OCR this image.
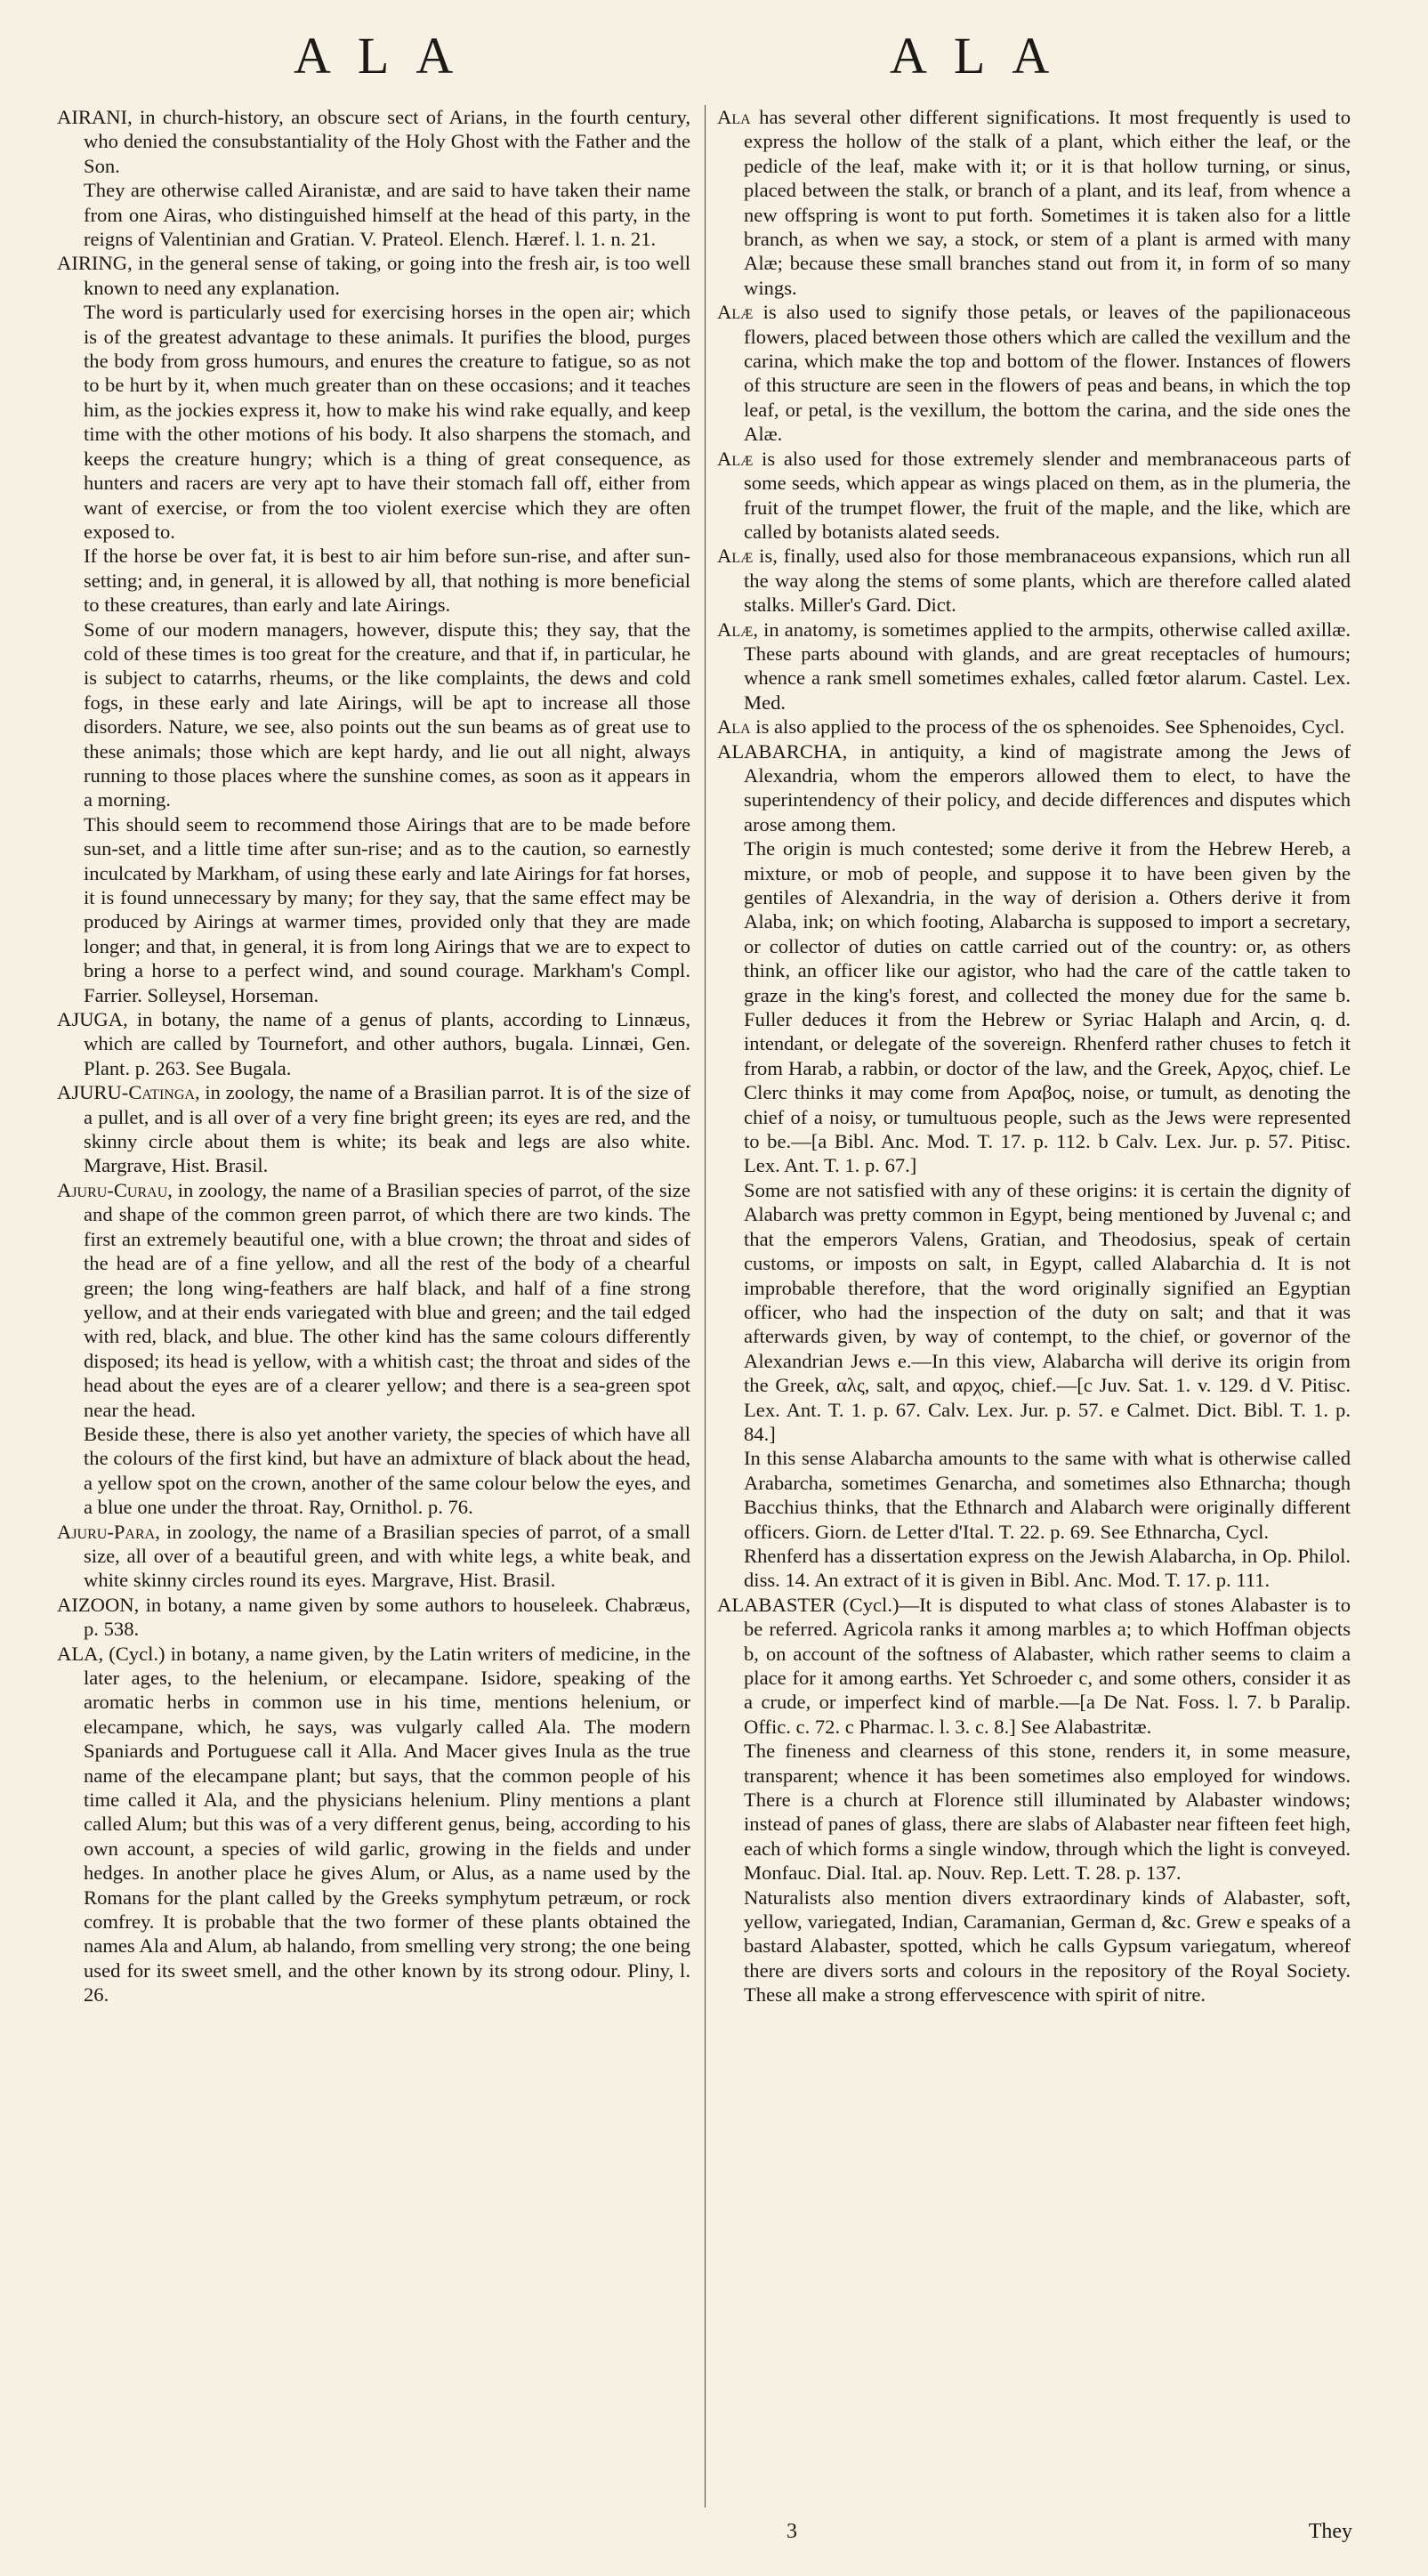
ALA	ALA

AIRANI, in church-history, an obscure sect of Arians, in the fourth century, who denied the consubstantiality of the Holy Ghost with the Father and the Son.

They are otherwise called Airanistæ, and are said to have taken their name from one Airas, who distinguished himself at the head of this party, in the reigns of Valentinian and Gratian. V. Prateol. Elench. Hæref. l. 1. n. 21.

AIRING, in the general sense of taking, or going into the fresh air, is too well known to need any explanation.

The word is particularly used for exercising horses in the open air; which is of the greatest advantage to these animals. It purifies the blood, purges the body from gross humours, and enures the creature to fatigue, so as not to be hurt by it, when much greater than on these occasions; and it teaches him, as the jockies express it, how to make his wind rake equally, and keep time with the other motions of his body. It also sharpens the stomach, and keeps the creature hungry; which is a thing of great consequence, as hunters and racers are very apt to have their stomach fall off, either from want of exercise, or from the too violent exercise which they are often exposed to.

If the horse be over fat, it is best to air him before sun-rise, and after sun-setting; and, in general, it is allowed by all, that nothing is more beneficial to these creatures, than early and late Airings.

Some of our modern managers, however, dispute this; they say, that the cold of these times is too great for the creature, and that if, in particular, he is subject to catarrhs, rheums, or the like complaints, the dews and cold fogs, in these early and late Airings, will be apt to increase all those disorders. Nature, we see, also points out the sun beams as of great use to these animals; those which are kept hardy, and lie out all night, always running to those places where the sunshine comes, as soon as it appears in a morning.

This should seem to recommend those Airings that are to be made before sun-set, and a little time after sun-rise; and as to the caution, so earnestly inculcated by Markham, of using these early and late Airings for fat horses, it is found unnecessary by many; for they say, that the same effect may be produced by Airings at warmer times, provided only that they are made longer; and that, in general, it is from long Airings that we are to expect to bring a horse to a perfect wind, and sound courage. Markham's Compl. Farrier. Solleysel, Horseman.

AJUGA, in botany, the name of a genus of plants, according to Linnæus, which are called by Tournefort, and other authors, bugala. Linnæi, Gen. Plant. p. 263. See Bugala.

AJURU-Catinga, in zoology, the name of a Brasilian parrot. It is of the size of a pullet, and is all over of a very fine bright green; its eyes are red, and the skinny circle about them is white; its beak and legs are also white. Margrave, Hist. Brasil.

Ajuru-Curau, in zoology, the name of a Brasilian species of parrot, of the size and shape of the common green parrot, of which there are two kinds. The first an extremely beautiful one, with a blue crown; the throat and sides of the head are of a fine yellow, and all the rest of the body of a chearful green; the long wing-feathers are half black, and half of a fine strong yellow, and at their ends variegated with blue and green; and the tail edged with red, black, and blue. The other kind has the same colours differently disposed; its head is yellow, with a whitish cast; the throat and sides of the head about the eyes are of a clearer yellow; and there is a sea-green spot near the head.

Beside these, there is also yet another variety, the species of which have all the colours of the first kind, but have an admixture of black about the head, a yellow spot on the crown, another of the same colour below the eyes, and a blue one under the throat. Ray, Ornithol. p. 76.

Ajuru-Para, in zoology, the name of a Brasilian species of parrot, of a small size, all over of a beautiful green, and with white legs, a white beak, and white skinny circles round its eyes. Margrave, Hist. Brasil.

AIZOON, in botany, a name given by some authors to houseleek. Chabræus, p. 538.

ALA, (Cycl.) in botany, a name given, by the Latin writers of medicine, in the later ages, to the helenium, or elecampane. Isidore, speaking of the aromatic herbs in common use in his time, mentions helenium, or elecampane, which, he says, was vulgarly called Ala. The modern Spaniards and Portuguese call it Alla. And Macer gives Inula as the true name of the elecampane plant; but says, that the common people of his time called it Ala, and the physicians helenium. Pliny mentions a plant called Alum; but this was of a very different genus, being, according to his own account, a species of wild garlic, growing in the fields and under hedges. In another place he gives Alum, or Alus, as a name used by the Romans for the plant called by the Greeks symphytum petræum, or rock comfrey. It is probable that the two former of these plants obtained the names Ala and Alum, ab halando, from smelling very strong; the one being used for its sweet smell, and the other known by its strong odour. Pliny, l. 26.

Ala has several other different significations. It most frequently is used to express the hollow of the stalk of a plant, which either the leaf, or the pedicle of the leaf, make with it; or it is that hollow turning, or sinus, placed between the stalk, or branch of a plant, and its leaf, from whence a new offspring is wont to put forth. Sometimes it is taken also for a little branch, as when we say, a stock, or stem of a plant is armed with many Alæ; because these small branches stand out from it, in form of so many wings.

Alæ is also used to signify those petals, or leaves of the papilionaceous flowers, placed between those others which are called the vexillum and the carina, which make the top and bottom of the flower. Instances of flowers of this structure are seen in the flowers of peas and beans, in which the top leaf, or petal, is the vexillum, the bottom the carina, and the side ones the Alæ.

Alæ is also used for those extremely slender and membranaceous parts of some seeds, which appear as wings placed on them, as in the plumeria, the fruit of the trumpet flower, the fruit of the maple, and the like, which are called by botanists alated seeds.

Alæ is, finally, used also for those membranaceous expansions, which run all the way along the stems of some plants, which are therefore called alated stalks. Miller's Gard. Dict.

Alæ, in anatomy, is sometimes applied to the armpits, otherwise called axillæ. These parts abound with glands, and are great receptacles of humours; whence a rank smell sometimes exhales, called fœtor alarum. Castel. Lex. Med.

Ala is also applied to the process of the os sphenoides. See Sphenoides, Cycl.

ALABARCHA, in antiquity, a kind of magistrate among the Jews of Alexandria, whom the emperors allowed them to elect, to have the superintendency of their policy, and decide differences and disputes which arose among them.

The origin is much contested; some derive it from the Hebrew Hereb, a mixture, or mob of people, and suppose it to have been given by the gentiles of Alexandria, in the way of derision a. Others derive it from Alaba, ink; on which footing, Alabarcha is supposed to import a secretary, or collector of duties on cattle carried out of the country: or, as others think, an officer like our agistor, who had the care of the cattle taken to graze in the king's forest, and collected the money due for the same b. Fuller deduces it from the Hebrew or Syriac Halaph and Arcin, q. d. intendant, or delegate of the sovereign. Rhenferd rather chuses to fetch it from Harab, a rabbin, or doctor of the law, and the Greek, Αρχος, chief. Le Clerc thinks it may come from Αραβος, noise, or tumult, as denoting the chief of a noisy, or tumultuous people, such as the Jews were represented to be.—[a Bibl. Anc. Mod. T. 17. p. 112. b Calv. Lex. Jur. p. 57. Pitisc. Lex. Ant. T. 1. p. 67.]

Some are not satisfied with any of these origins: it is certain the dignity of Alabarch was pretty common in Egypt, being mentioned by Juvenal c; and that the emperors Valens, Gratian, and Theodosius, speak of certain customs, or imposts on salt, in Egypt, called Alabarchia d. It is not improbable therefore, that the word originally signified an Egyptian officer, who had the inspection of the duty on salt; and that it was afterwards given, by way of contempt, to the chief, or governor of the Alexandrian Jews e.—In this view, Alabarcha will derive its origin from the Greek, αλς, salt, and αρχος, chief.—[c Juv. Sat. 1. v. 129. d V. Pitisc. Lex. Ant. T. 1. p. 67. Calv. Lex. Jur. p. 57. e Calmet. Dict. Bibl. T. 1. p. 84.]

In this sense Alabarcha amounts to the same with what is otherwise called Arabarcha, sometimes Genarcha, and sometimes also Ethnarcha; though Bacchius thinks, that the Ethnarch and Alabarch were originally different officers. Giorn. de Letter d'Ital. T. 22. p. 69. See Ethnarcha, Cycl.

Rhenferd has a dissertation express on the Jewish Alabarcha, in Op. Philol. diss. 14. An extract of it is given in Bibl. Anc. Mod. T. 17. p. 111.

ALABASTER (Cycl.)—It is disputed to what class of stones Alabaster is to be referred. Agricola ranks it among marbles a; to which Hoffman objects b, on account of the softness of Alabaster, which rather seems to claim a place for it among earths. Yet Schroeder c, and some others, consider it as a crude, or imperfect kind of marble.—[a De Nat. Foss. l. 7. b Paralip. Offic. c. 72. c Pharmac. l. 3. c. 8.] See Alabastritæ.

The fineness and clearness of this stone, renders it, in some measure, transparent; whence it has been sometimes also employed for windows. There is a church at Florence still illuminated by Alabaster windows; instead of panes of glass, there are slabs of Alabaster near fifteen feet high, each of which forms a single window, through which the light is conveyed. Monfauc. Dial. Ital. ap. Nouv. Rep. Lett. T. 28. p. 137.

Naturalists also mention divers extraordinary kinds of Alabaster, soft, yellow, variegated, Indian, Caramanian, German d, &c. Grew e speaks of a bastard Alabaster, spotted, which he calls Gypsum variegatum, whereof there are divers sorts and colours in the repository of the Royal Society. These all make a strong effervescence with spirit of nitre.

3	They
